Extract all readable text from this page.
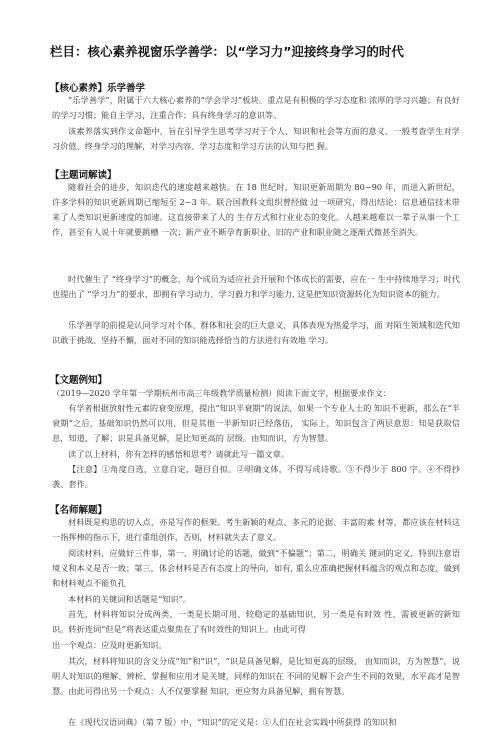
栏目：核心素养视窗乐学善学：以“学习力”迎接终身学习的时代
【核心素养】乐学善学

“乐学善学”，附属于六大核心素养的“学会学习”板块。重点是有积极的学习态度和 浓厚的学习兴趣；有良好的学习习惯；能自主学习，注重合作；具有终身学习的意识等。

该素养落实到作文命题中，旨在引导学生思考学习对于个人、知识和社会等方面的意义、一般考查学生对学习价值、终身学习的理解，对学习内容、学习态度和学习方法的认知与把 握。

【主题词解读】

随着社会的进步，知识迭代的速度越来越快。在 18 世纪时，知识更新周期为 80~90 年，而进入新世纪，许多学科的知识更新周期已缩短至 2~3 年。联合国教科文组织曾经做 过一项研究，得出结论：信息通信技术带来了人类知识更新速度的加速。这直接带来了人的 生存方式和行业业态的变化。人越来越难以一辈子从事一个工作，甚至有人说十年就要跳槽 一次；新产业不断孕育新职业，旧的产业和职业随之逐渐式微甚至消失。

时代催生了 “终身学习”的概念，每个成员为适应社会开展和个体成长的需要，应在一 生中持续地学习；时代也提出了 “学习力”的要求，即拥有学习动力、学习毅力和学习能力, 这是把知识资源转化为知识资本的能力。

乐学善学的前提是认同学习对个体、群体和社会的巨大意义，具体表现为热爱学习，面 对陌生领域和迭代知识敢于挑战、坚持不懈，面对不同的知识能选择恰当的方法进行有效地 学习。

【文题例知】

（2019—2020 学年第一学期杭州市高三年级教学质量检测）阅读下面文字，根据要求作文：

有学者根据放射性元素的衰变原理，提出“知识半衰期”的说法，如果一个专业人士的 知识不更新，那么在“半衰期”之后，基础知识仍然可以用，但是其他一半新知识已经落伍， 实际上，知识包含了两层意思：知是获取信息，知道、了解；识是具备见解，是比知更高的 层级。由知而识，方为智慧。

读了以上材料，你有怎样的感悟和思考？请就此写一篇文章。

【注意】①角度自选，立意自定，题目自拟。②明确文体，不得写成诗歌。③不得少于 800 字。④不得抄袭、套作。

【名师解题】

材料既是构思的切入点，亦是写作的框架。考生新颖的观点、多元的论据、丰富的素 材等，都应该在材料这一指挥棒的指示下，进行重组创作，否则，材料就失去了意义。

阅读材料，应做好三件事，第一，明确讨论的话题，做到“不偏题”；第二，明确关 键词的定义，特别注意语境义和本义是否一致；第三，体会材料是否有态度上的导向，如有, 重么应准确把握材料蕴含的观点和态度，做到和材料观点不能负孔

本材料的关键词和话题是“知识”。

首先，材料将知识分成两类，一类是长期可用、较稳定的基础知识，另一类是有时效 性、需被更新的新知识。转折连词“但是”将表达重点聚焦在了有时效性的知识上。由此可得

出一个观点：应及时更新知识。

其次，材料将知识的含义分成“知”和“识”，“识是具备见解，是比知更高的层级， 由知而识，方为智慧”，说明人对知识的理解、辨析、掌握和应用才是关键，同样的知识在 不同的见解下会产生不同的效果，水平高才是智慧。由此可得出另一个观点：人不仅要掌握 知识，更应努力具备见解，拥有智慧。

在《现代汉语词典》（第 7 版）中，“知识”的定义是：①人们在社会实践中所获得 的知识和
